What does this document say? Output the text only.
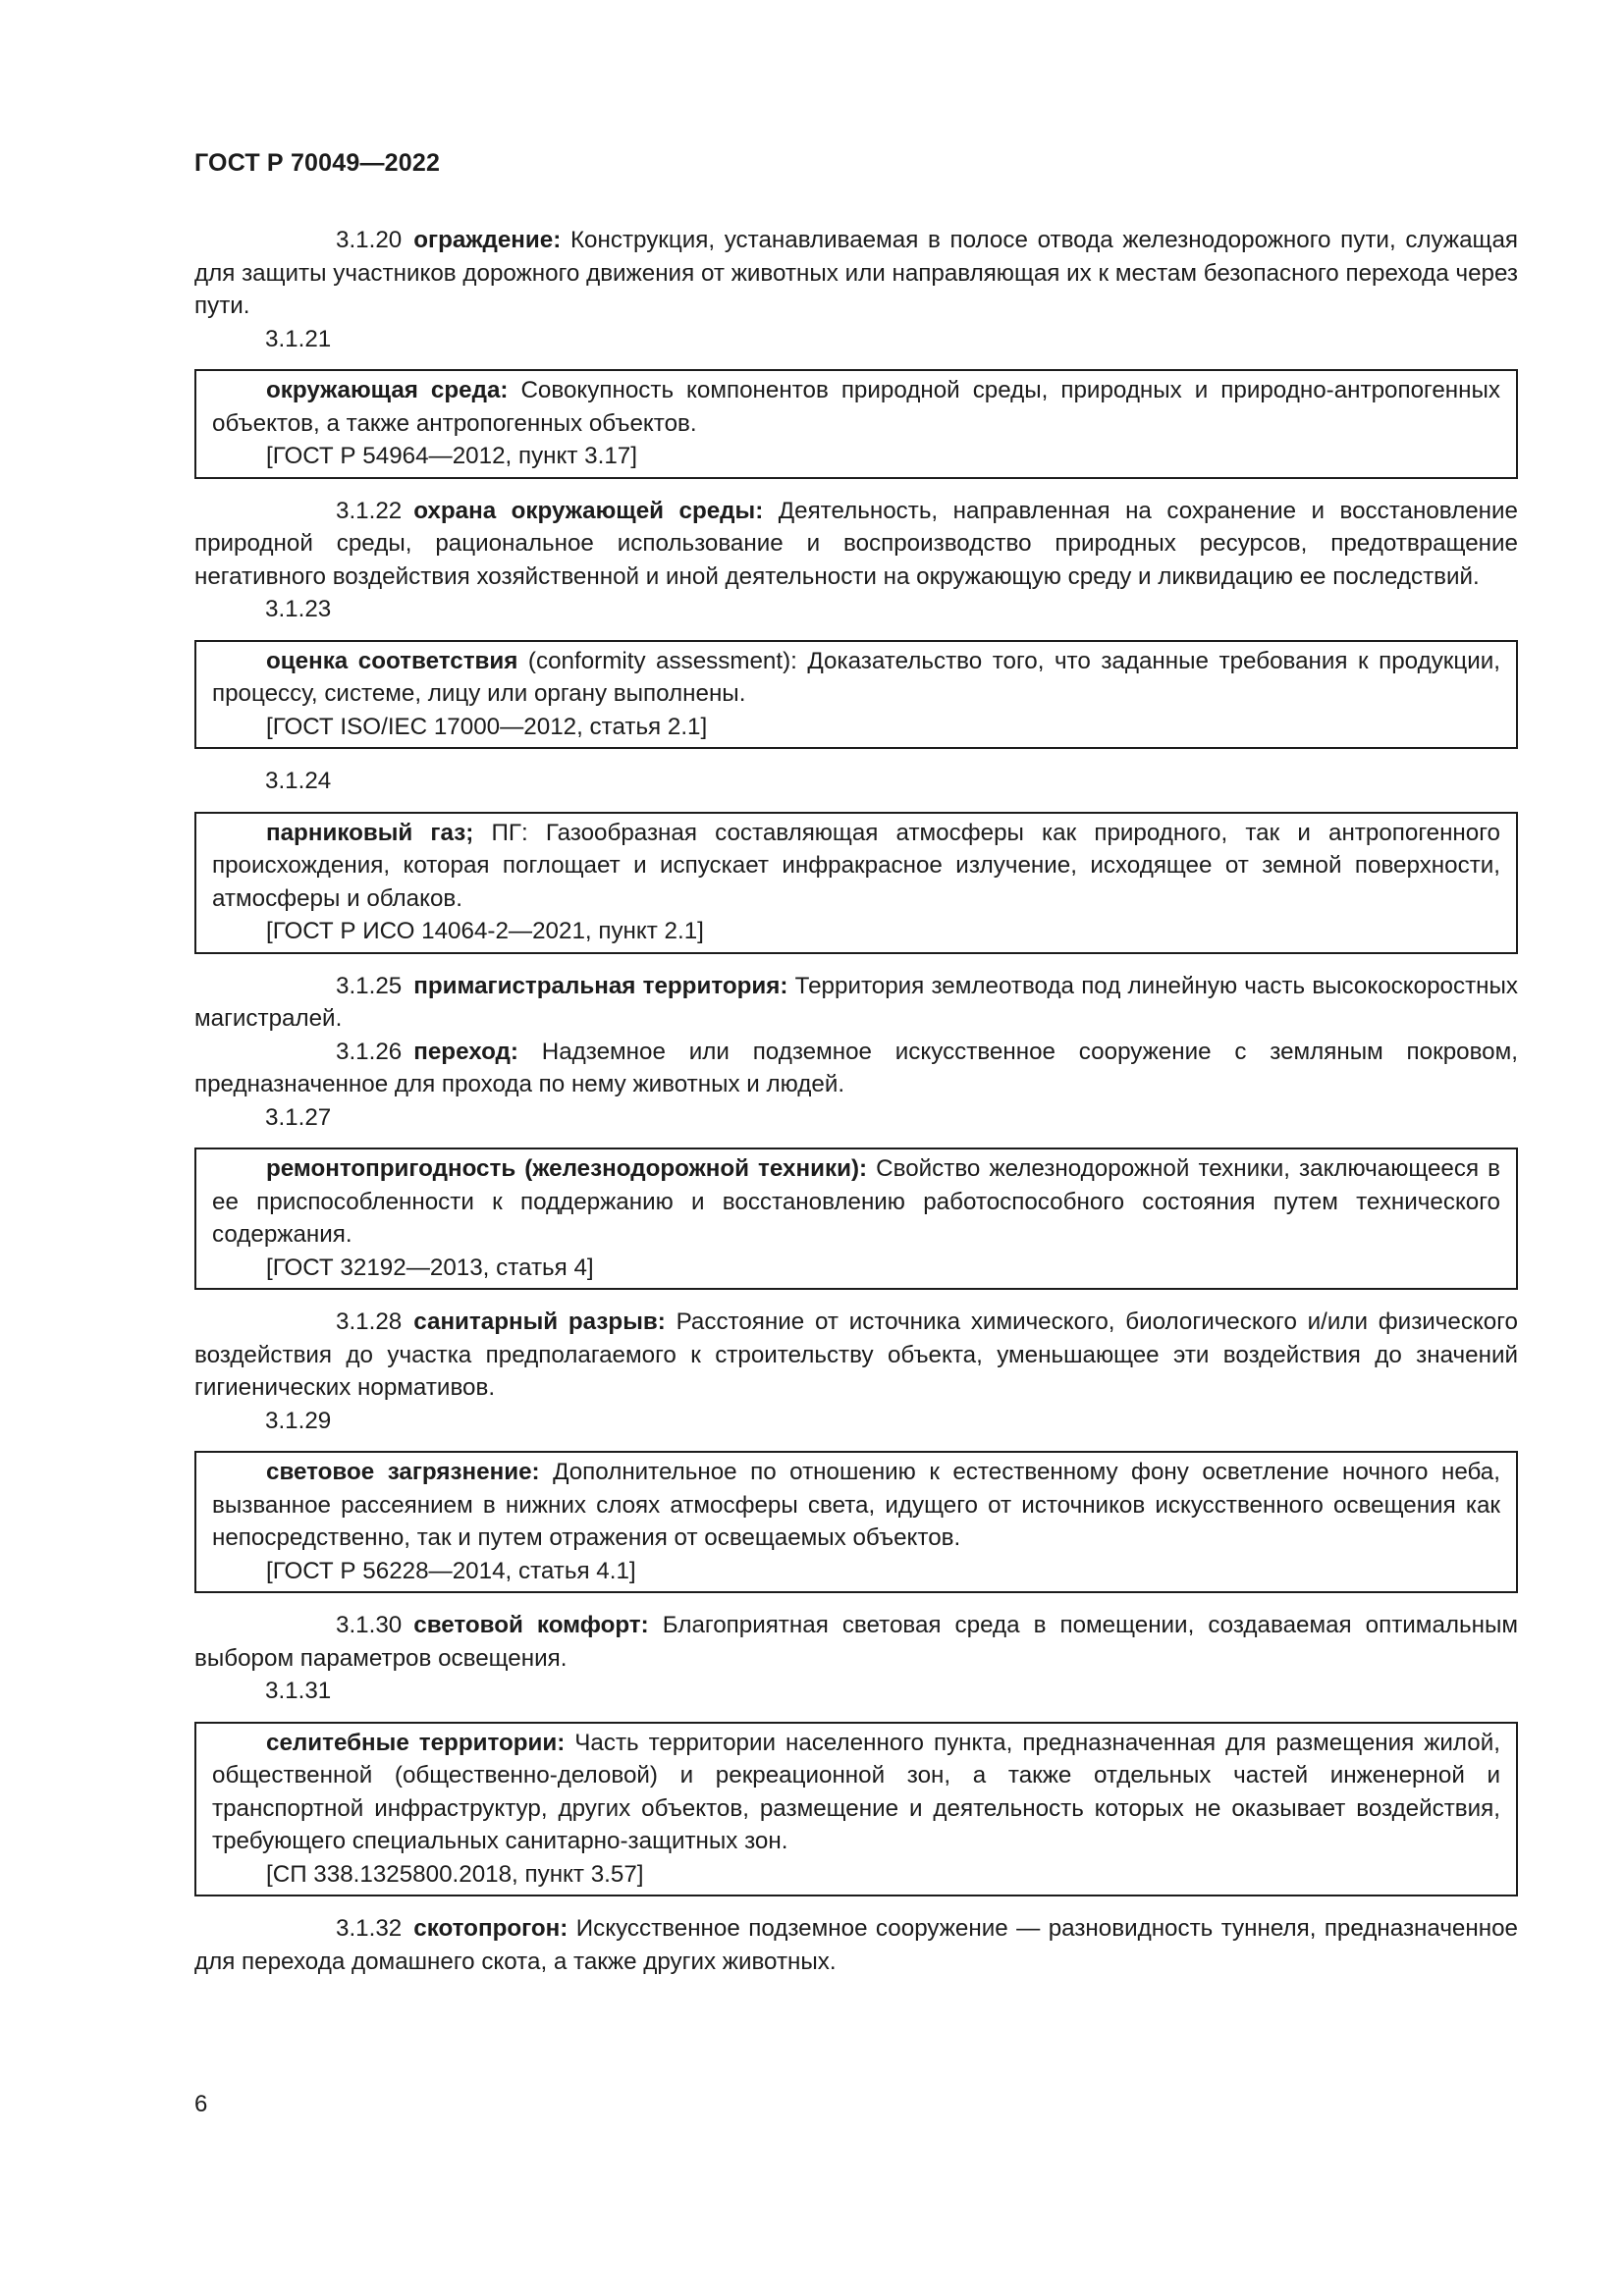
ГОСТ Р 70049—2022

3.1.20 ограждение: Конструкция, устанавливаемая в полосе отвода железнодорожного пути, служащая для защиты участников дорожного движения от животных или направляющая их к местам безопасного перехода через пути.

3.1.21

окружающая среда: Совокупность компонентов природной среды, природных и природно-антропогенных объектов, а также антропогенных объектов.

[ГОСТ Р 54964—2012, пункт 3.17]

3.1.22 охрана окружающей среды: Деятельность, направленная на сохранение и восстановление природной среды, рациональное использование и воспроизводство природных ресурсов, предотвращение негативного воздействия хозяйственной и иной деятельности на окружающую среду и ликвидацию ее последствий.

3.1.23

оценка соответствия (conformity assessment): Доказательство того, что заданные требования к продукции, процессу, системе, лицу или органу выполнены.

[ГОСТ ISO/IEC 17000—2012, статья 2.1]

3.1.24

парниковый газ; ПГ: Газообразная составляющая атмосферы как природного, так и антропогенного происхождения, которая поглощает и испускает инфракрасное излучение, исходящее от земной поверхности, атмосферы и облаков.

[ГОСТ Р ИСО 14064-2—2021, пункт 2.1]

3.1.25 примагистральная территория: Территория землеотвода под линейную часть высокоскоростных магистралей.

3.1.26 переход: Надземное или подземное искусственное сооружение с земляным покровом, предназначенное для прохода по нему животных и людей.

3.1.27

ремонтопригодность (железнодорожной техники): Свойство железнодорожной техники, заключающееся в ее приспособленности к поддержанию и восстановлению работоспособного состояния путем технического содержания.

[ГОСТ 32192—2013, статья 4]

3.1.28 санитарный разрыв: Расстояние от источника химического, биологического и/или физического воздействия до участка предполагаемого к строительству объекта, уменьшающее эти воздействия до значений гигиенических нормативов.

3.1.29

световое загрязнение: Дополнительное по отношению к естественному фону осветление ночного неба, вызванное рассеянием в нижних слоях атмосферы света, идущего от источников искусственного освещения как непосредственно, так и путем отражения от освещаемых объектов.

[ГОСТ Р 56228—2014, статья 4.1]

3.1.30 световой комфорт: Благоприятная световая среда в помещении, создаваемая оптимальным выбором параметров освещения.

3.1.31

селитебные территории: Часть территории населенного пункта, предназначенная для размещения жилой, общественной (общественно-деловой) и рекреационной зон, а также отдельных частей инженерной и транспортной инфраструктур, других объектов, размещение и деятельность которых не оказывает воздействия, требующего специальных санитарно-защитных зон.

[СП 338.1325800.2018, пункт 3.57]

3.1.32 скотопрогон: Искусственное подземное сооружение — разновидность туннеля, предназначенное для перехода домашнего скота, а также других животных.

6
